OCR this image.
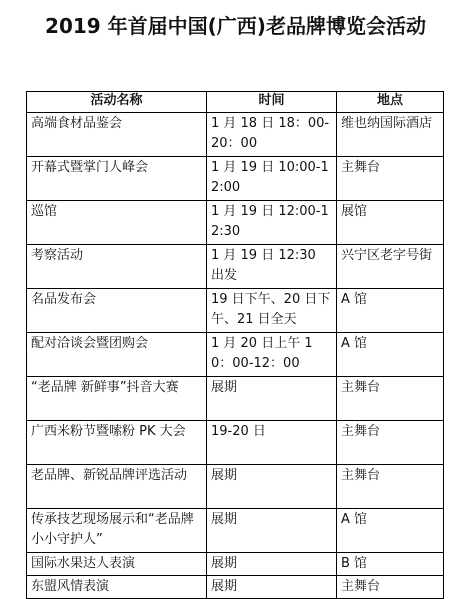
2019 年首届中国(广西)老品牌博览会活动
活动名称	时间	地点
高端食材品鉴会	1 月 18 日 18：00-20：00	维也纳国际酒店
开幕式暨掌门人峰会	1 月 19 日 10:00-12:00	主舞台
巡馆	1 月 19 日 12:00-12:30	展馆
考察活动	1 月 19 日 12:30 出发	兴宁区老字号街
名品发布会	19 日下午、20 日下午、21 日全天	A 馆
配对洽谈会暨团购会	1 月 20 日上午 10：00-12：00	A 馆
“老品牌 新鲜事”抖音大赛	展期	主舞台
广西米粉节暨嗦粉 PK 大会	19-20 日	主舞台
老品牌、新锐品牌评选活动	展期	主舞台
传承技艺现场展示和“老品牌小小守护人”	展期	A 馆
国际水果达人表演	展期	B 馆
东盟风情表演	展期	主舞台
